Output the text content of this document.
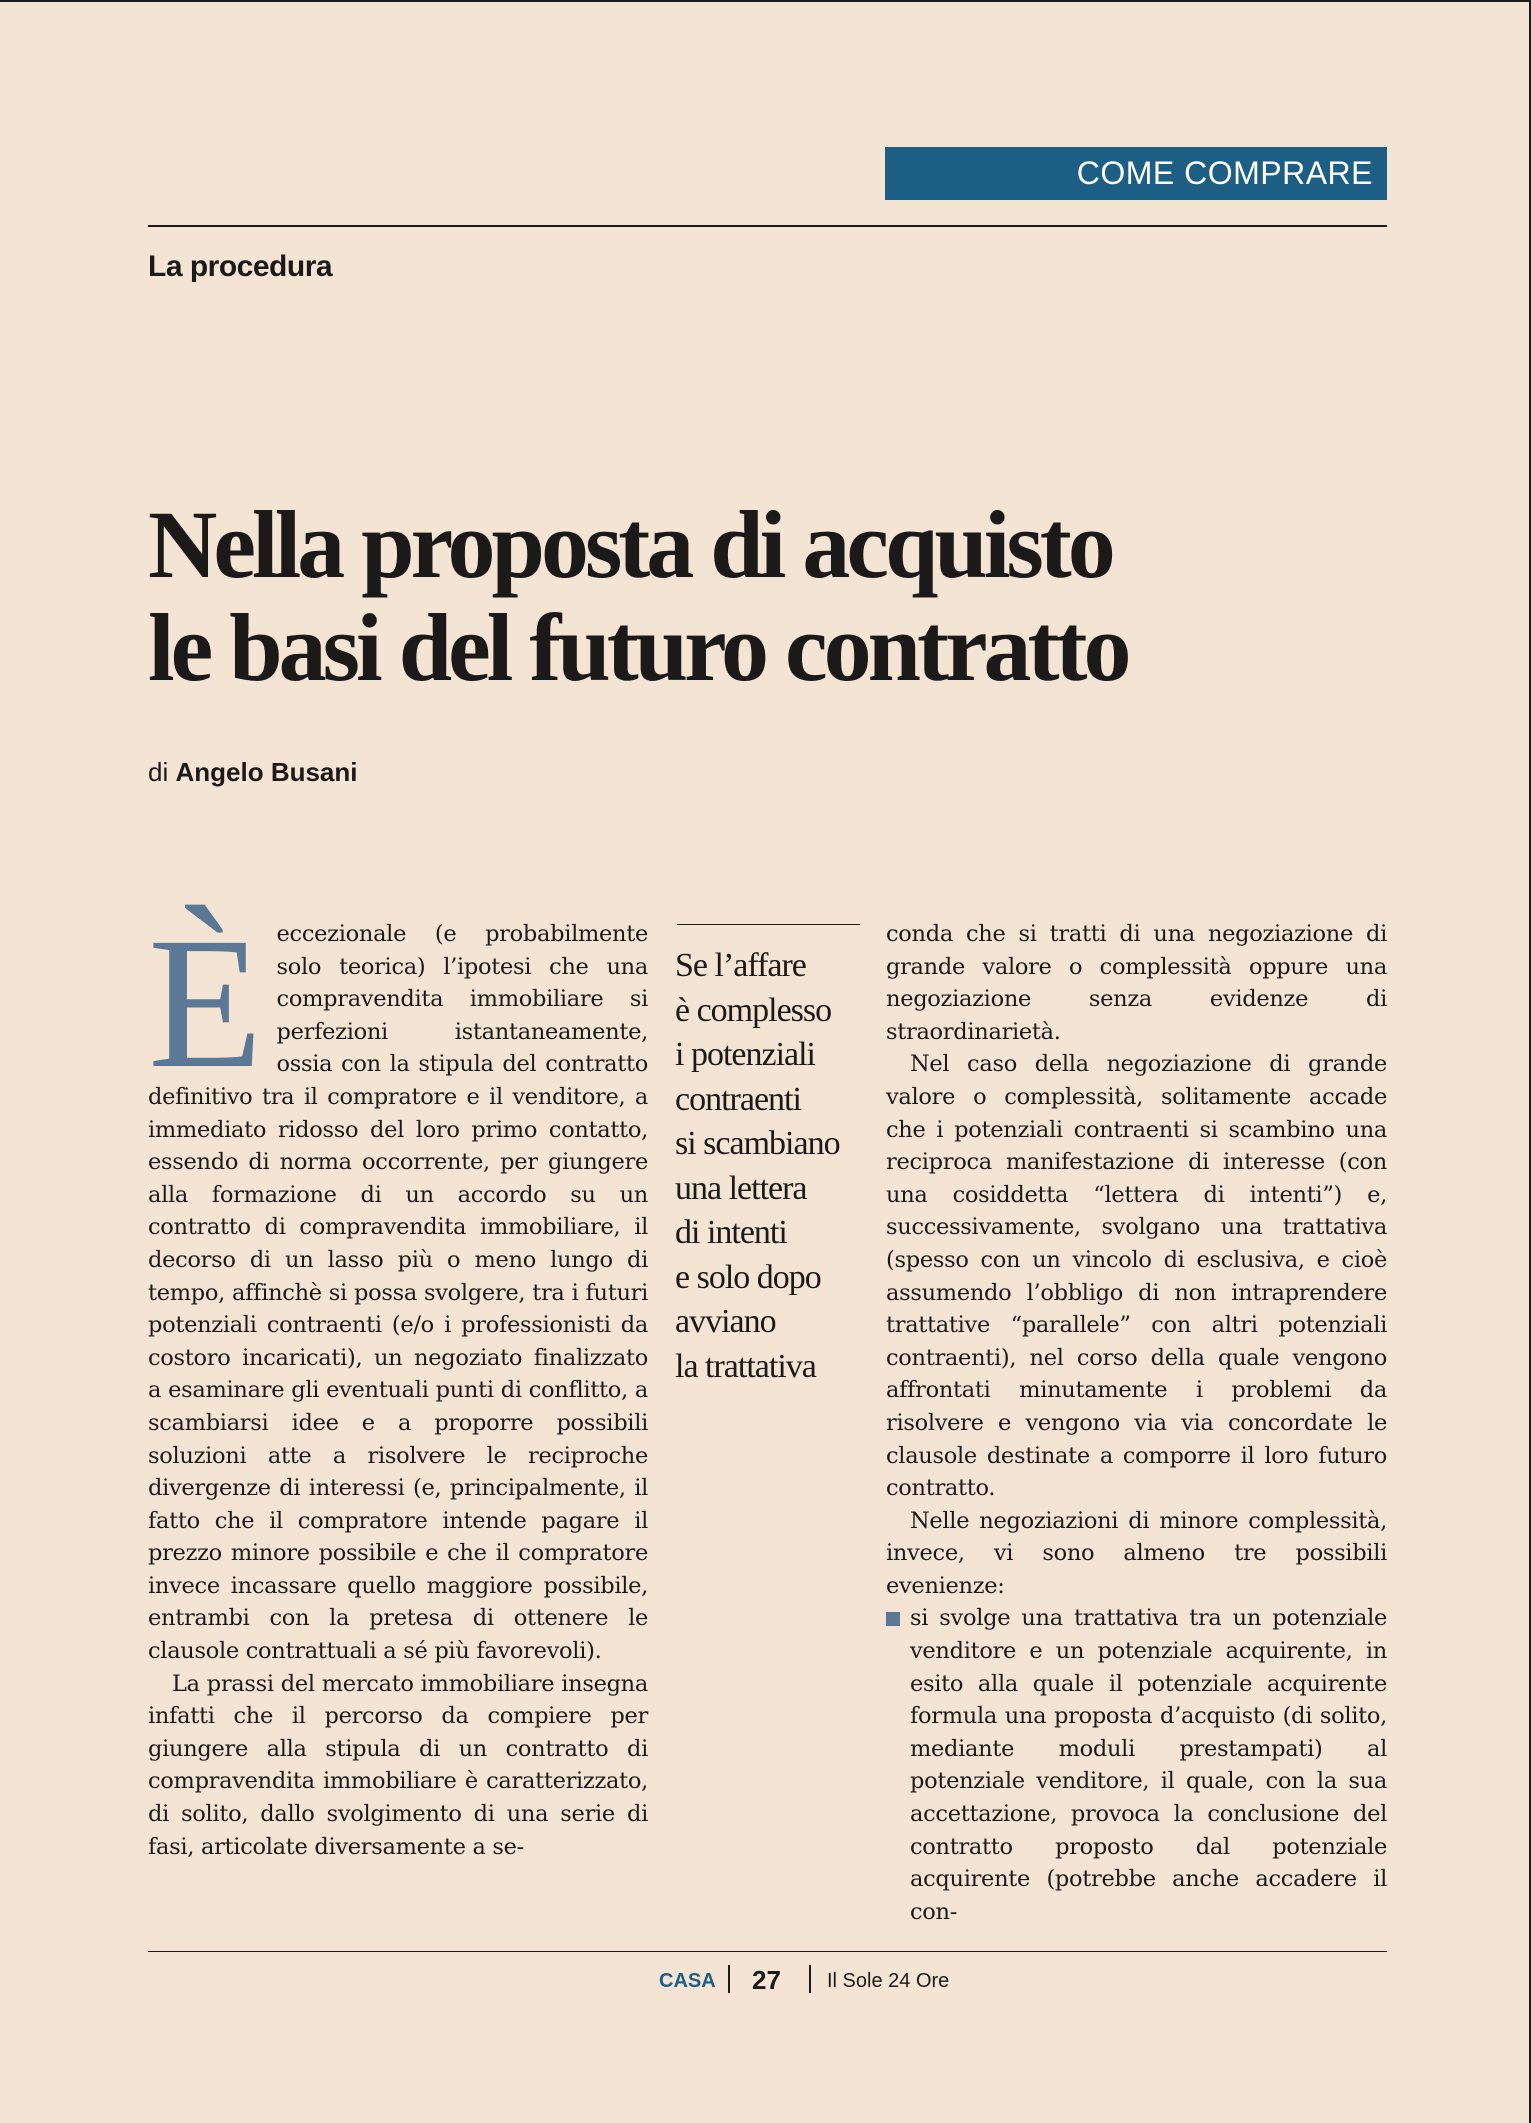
COME COMPRARE
La procedura
Nella proposta di acquisto
le basi del futuro contratto
di Angelo Busani

Èeccezionale (e probabilmente solo teorica) l’ipotesi che una compravendita immobiliare si perfezioni istantaneamente, ossia con la stipula del contratto definitivo tra il compratore e il venditore, a immediato ridosso del loro primo contatto, essendo di norma occorrente, per giungere alla formazione di un accordo su un contratto di compravendita immobiliare, il decorso di un lasso più o meno lungo di tempo, affinchè si possa svolgere, tra i futuri potenziali contraenti (e/o i professionisti da costoro incaricati), un negoziato finalizzato a esaminare gli eventuali punti di conflitto, a scambiarsi idee e a proporre possibili soluzioni atte a risolvere le reciproche divergenze di interessi (e, principalmente, il fatto che il compratore intende pagare il prezzo minore possibile e che il compratore invece incassare quello maggiore possibile, entrambi con la pretesa di ottenere le clausole contrattuali a sé più favorevoli).

La prassi del mercato immobiliare insegna infatti che il percorso da compiere per giungere alla stipula di un contratto di compravendita immobiliare è caratterizzato, di solito, dallo svolgimento di una serie di fasi, articolate diversamente a se-

Se l’affare
è complesso
i potenziali
contraenti
si scambiano
una lettera
di intenti
e solo dopo
avviano
la trattativa

conda che si tratti di una negoziazione di grande valore o complessità oppure una negoziazione senza evidenze di straordinarietà.

Nel caso della negoziazione di grande valore o complessità, solitamente accade che i potenziali contraenti si scambino una reciproca manifestazione di interesse (con una cosiddetta “lettera di intenti”) e, successivamente, svolgano una trattativa (spesso con un vincolo di esclusiva, e cioè assumendo l’obbligo di non intraprendere trattative “parallele” con altri potenziali contraenti), nel corso della quale vengono affrontati minutamente i problemi da risolvere e vengono via via concordate le clausole destinate a comporre il loro futuro contratto.

Nelle negoziazioni di minore complessità, invece, vi sono almeno tre possibili evenienze:

si svolge una trattativa tra un potenziale venditore e un potenziale acquirente, in esito alla quale il potenziale acquirente formula una proposta d’acquisto (di solito, mediante moduli prestampati) al potenziale venditore, il quale, con la sua accettazione, provoca la conclusione del contratto proposto dal potenziale acquirente (potrebbe anche accadere il con-

CASA 27 Il Sole 24 Ore
